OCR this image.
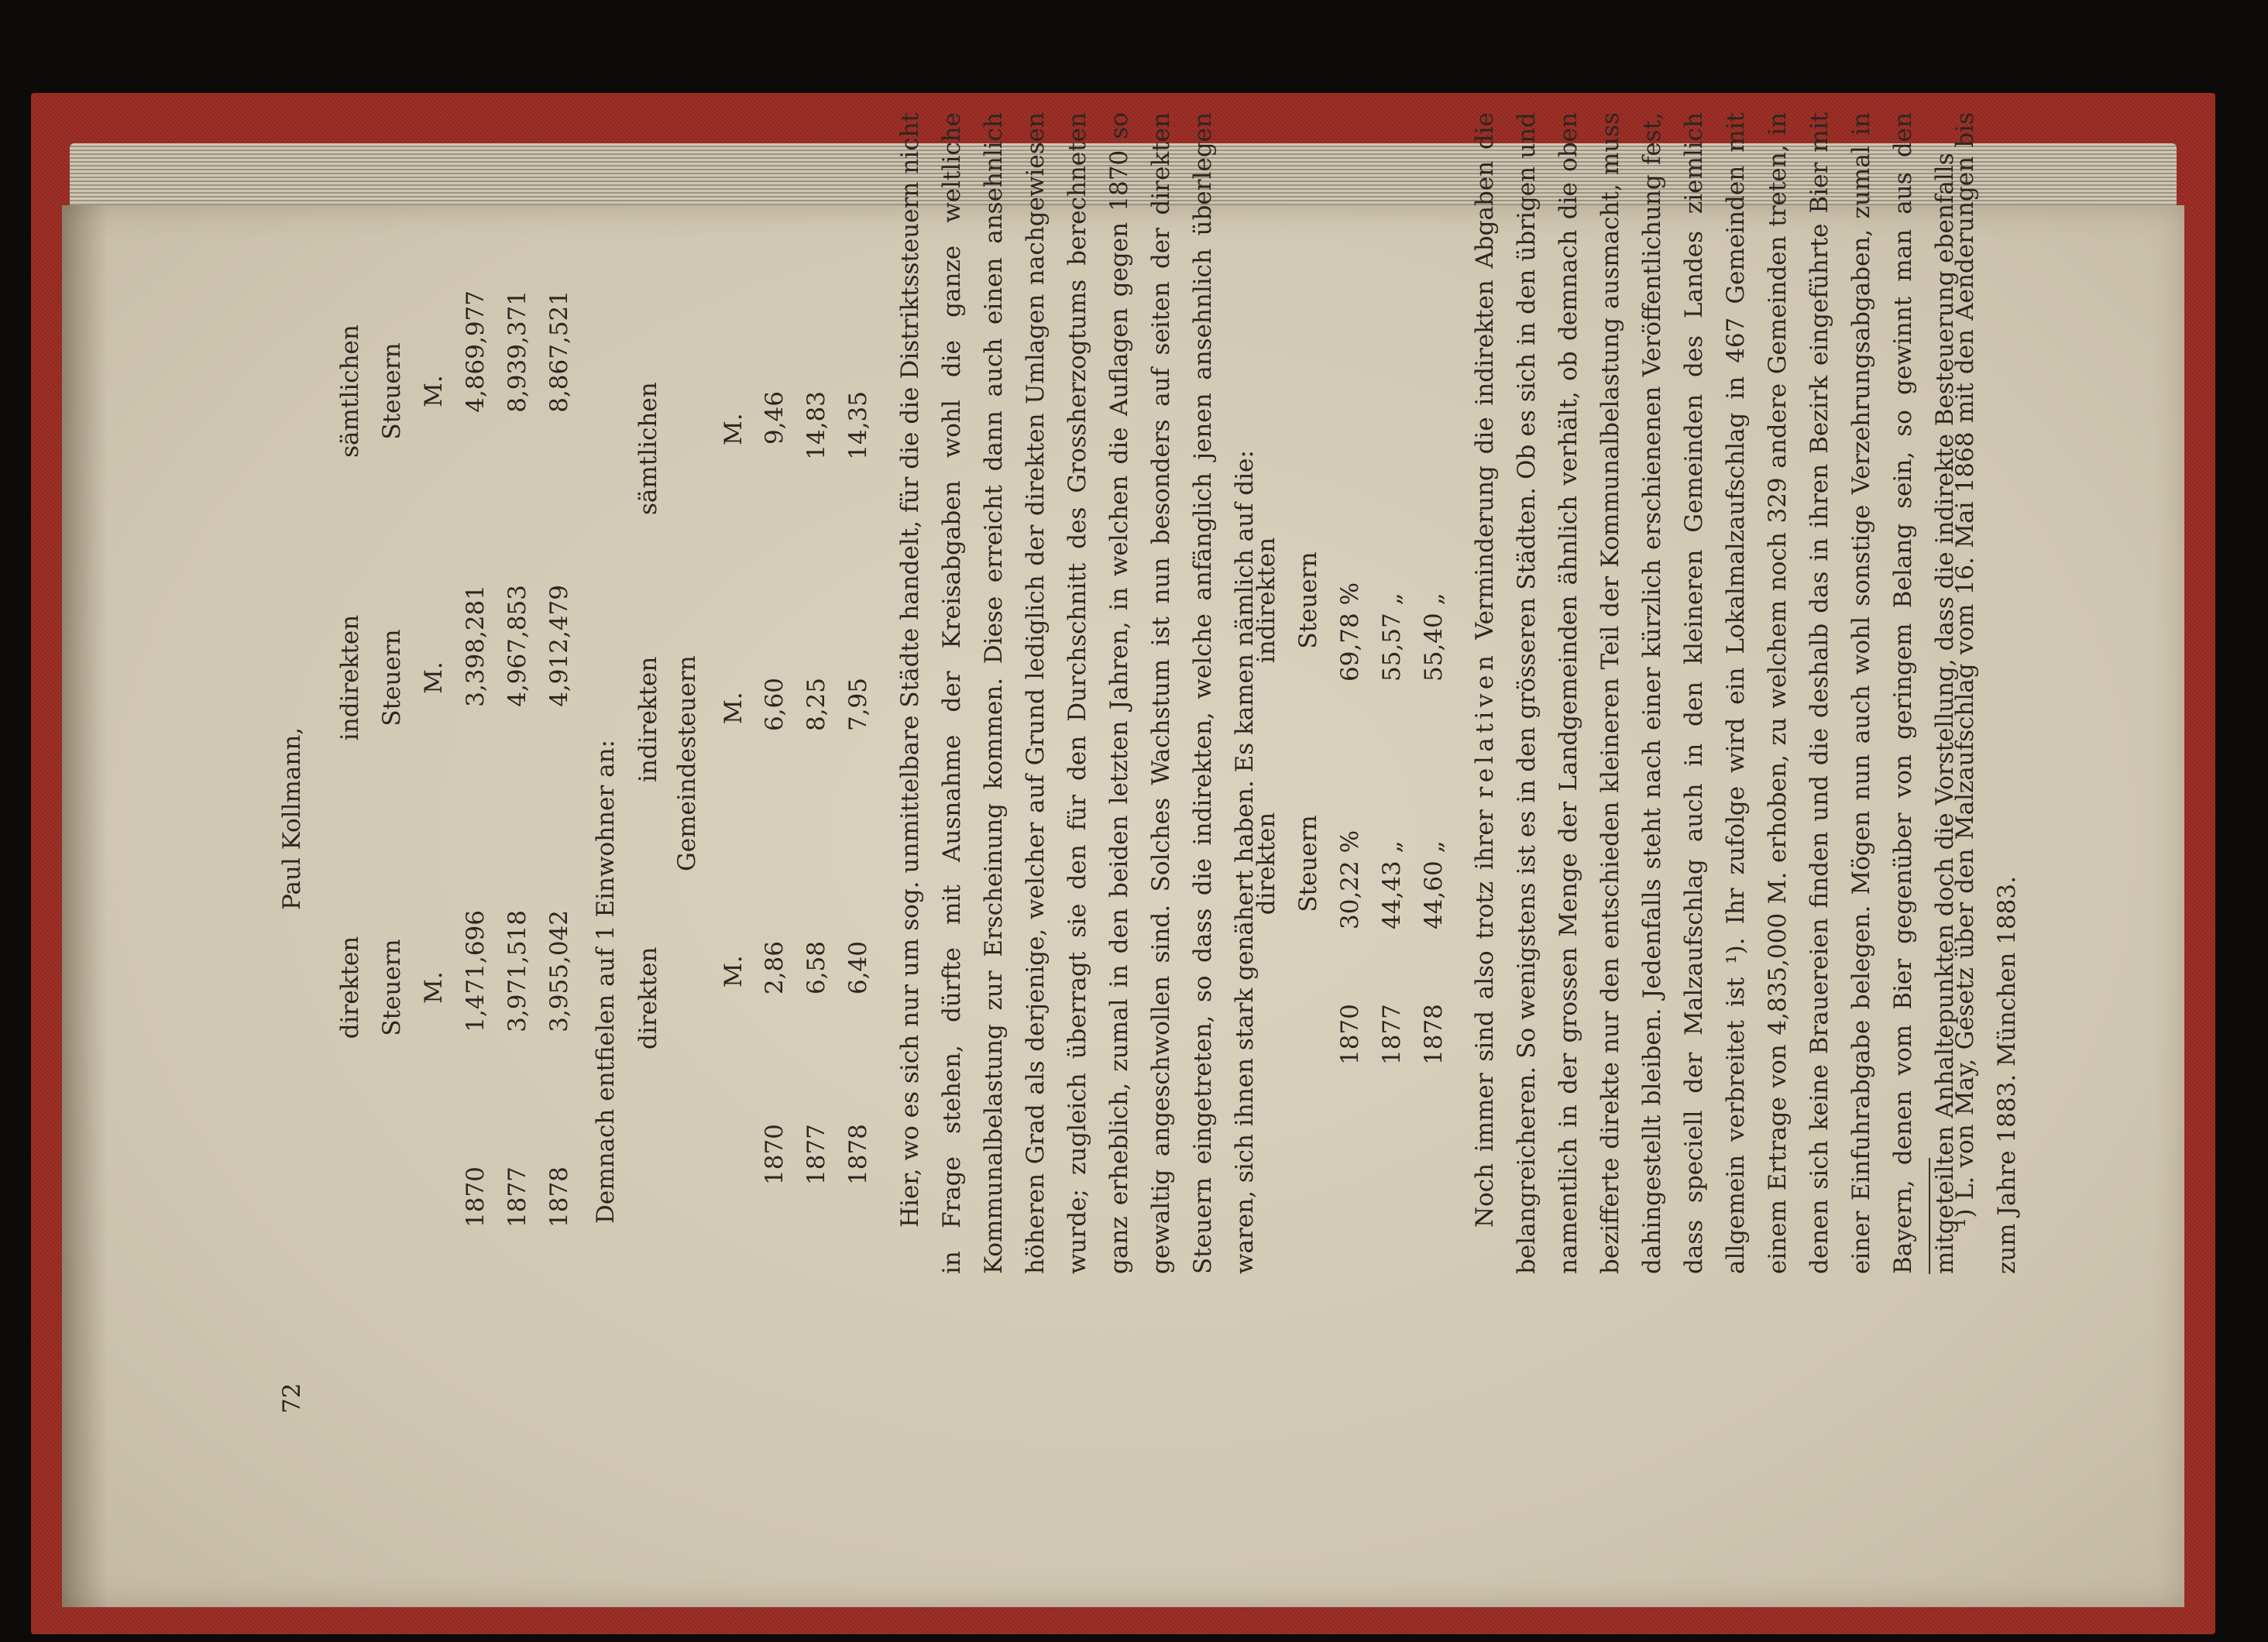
72
Paul Kollmann,
direkten Steuern M.
indirekten Steuern M.
sämtlichen Steuern M.
1870
1,471,696
3,398,281
4,869,977
1877
3,971,518
4,967,853
8,939,371
1878
3,955,042
4,912,479
8,867,521
Demnach entfielen auf 1 Einwohner an: direkten
indirekten
sämtlichen
Gemeindesteuern
M.
M.
M.
1870
2,86
6,60
9,46
1877
6,58
8,25
14,83
1878
6,40
7,95
14,35 Hier, wo es sich nur um sog. unmittelbare Städte handelt, für die die Distriktssteuern nicht in Frage stehen, dürfte mit Ausnahme der Kreisabgaben wohl die ganze weltliche Kommunalbelastung zur Erscheinung kommen. Diese erreicht dann auch einen ansehnlich höheren Grad als derjenige, welcher auf Grund lediglich der direkten Umlagen nachgewiesen wurde; zugleich überragt sie den für den Durchschnitt des Grossherzogtums berechneten ganz erheblich, zumal in den beiden letzten Jahren, in welchen die Auflagen gegen 1870 so gewaltig angeschwollen sind. Solches Wachstum ist nun besonders auf seiten der direkten Steuern eingetreten, so dass die indirekten, welche anfänglich jenen ansehnlich überlegen waren, sich ihnen stark genähert haben. Es kamen nämlich auf die:

direkten Steuern
indirekten Steuern
1870
30,22 %
69,78 %
1877
44,43 „
55,57 „
1878
44,60 „
55,40 „

Noch immer sind also trotz ihrer relativen Verminderung die indirekten Abgaben die belangreicheren. So wenigstens ist es in den grösseren Städten. Ob es sich in den übrigen und namentlich in der grossen Menge der Landgemeinden ähnlich verhält, ob demnach die oben bezifferte direkte nur den entschieden kleineren Teil der Kommunalbelastung ausmacht, muss dahingestellt bleiben. Jedenfalls steht nach einer kürzlich erschienenen Veröffentlichung fest, dass speciell der Malzaufschlag auch in den kleineren Gemeinden des Landes ziemlich allgemein verbreitet ist ¹). Ihr zufolge wird ein Lokalmalzaufschlag in 467 Gemeinden mit einem Ertrage von 4,835,000 M. erhoben, zu welchem noch 329 andere Gemeinden treten, in denen sich keine Brauereien finden und die deshalb das in ihren Bezirk eingeführte Bier mit einer Einfuhrabgabe belegen. Mögen nun auch wohl sonstige Verzehrungsabgaben, zumal in Bayern, denen vom Bier gegenüber von geringem Belang sein, so gewinnt man aus den mitgeteilten Anhaltepunkten doch die Vorstellung, dass die indirekte Besteuerung ebenfalls

¹) L. von May, Gesetz über den Malzaufschlag vom 16. Mai 1868 mit den Aenderungen bis zum Jahre 1883. München 1883.
